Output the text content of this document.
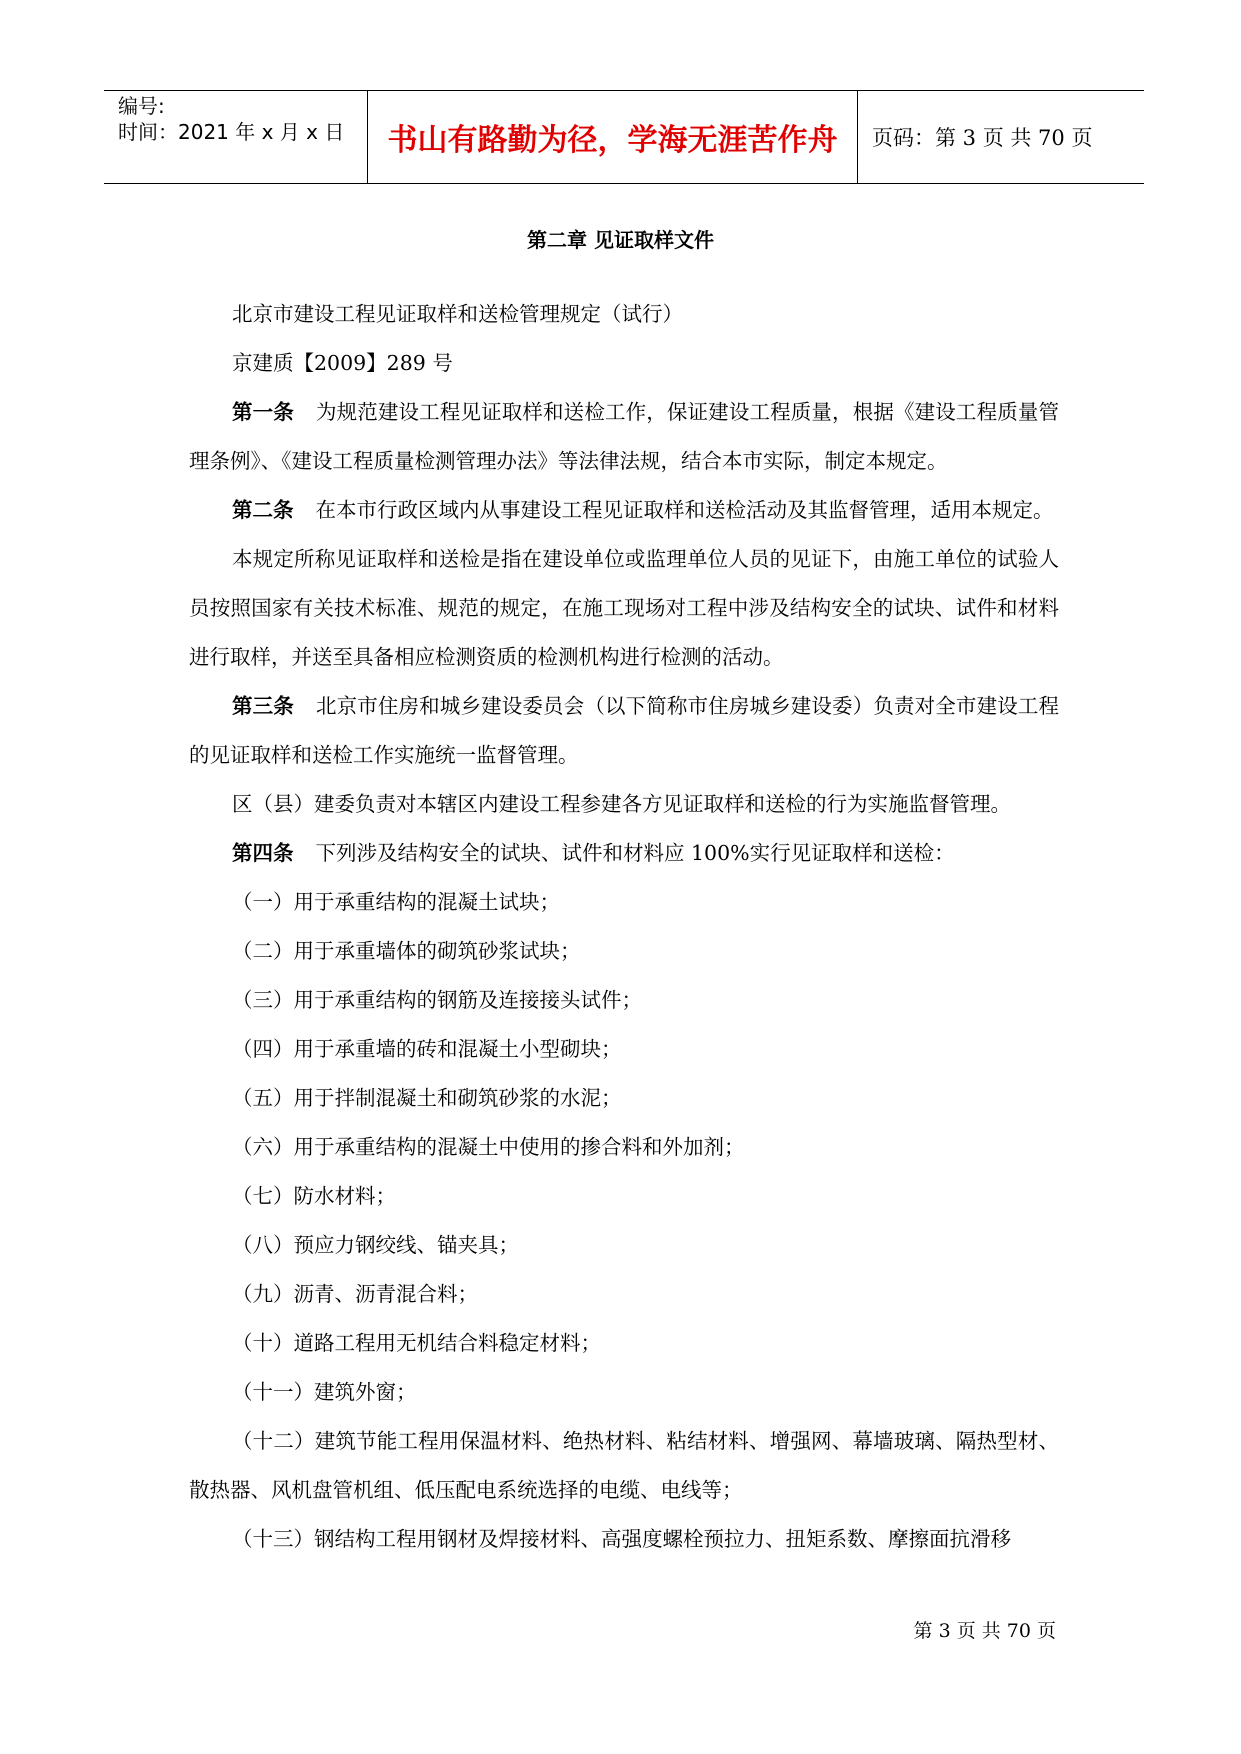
编号:
时间：2021 年 x 月 x 日	书山有路勤为径，学海无涯苦作舟	页码：第 3 页 共 70 页
第二章 见证取样文件

北京市建设工程见证取样和送检管理规定（试行）

京建质【2009】289 号

第一条 为规范建设工程见证取样和送检工作，保证建设工程质量，根据《建设工程质量管理条例》、《建设工程质量检测管理办法》等法律法规，结合本市实际，制定本规定。

第二条 在本市行政区域内从事建设工程见证取样和送检活动及其监督管理，适用本规定。

本规定所称见证取样和送检是指在建设单位或监理单位人员的见证下，由施工单位的试验人员按照国家有关技术标准、规范的规定，在施工现场对工程中涉及结构安全的试块、试件和材料进行取样，并送至具备相应检测资质的检测机构进行检测的活动。

第三条 北京市住房和城乡建设委员会（以下简称市住房城乡建设委）负责对全市建设工程的见证取样和送检工作实施统一监督管理。

区（县）建委负责对本辖区内建设工程参建各方见证取样和送检的行为实施监督管理。

第四条 下列涉及结构安全的试块、试件和材料应 100%实行见证取样和送检：

（一）用于承重结构的混凝土试块；

（二）用于承重墙体的砌筑砂浆试块；

（三）用于承重结构的钢筋及连接接头试件；

（四）用于承重墙的砖和混凝土小型砌块；

（五）用于拌制混凝土和砌筑砂浆的水泥；

（六）用于承重结构的混凝土中使用的掺合料和外加剂；

（七）防水材料；

（八）预应力钢绞线、锚夹具；

（九）沥青、沥青混合料；

（十）道路工程用无机结合料稳定材料；

（十一）建筑外窗；

（十二）建筑节能工程用保温材料、绝热材料、粘结材料、增强网、幕墙玻璃、隔热型材、散热器、风机盘管机组、低压配电系统选择的电缆、电线等；

（十三）钢结构工程用钢材及焊接材料、高强度螺栓预拉力、扭矩系数、摩擦面抗滑移

第 3 页 共 70 页
